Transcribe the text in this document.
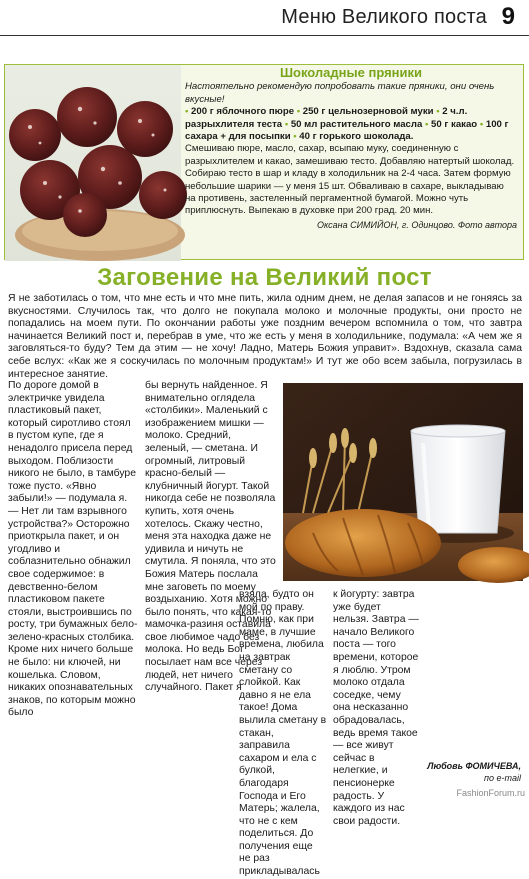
Меню Великого поста 9
Шоколадные пряники

Настоятельно рекомендую попробовать такие пряники, они очень вкусные!

• 200 г яблочного пюре • 250 г цельнозерновой муки • 2 ч.л. разрыхлителя теста • 50 мл растительного масла • 50 г какао • 100 г сахара + для посыпки • 40 г горького шоколада.

Смешиваю пюре, масло, сахар, всыпаю муку, соединенную с разрыхлителем и какао, замешиваю тесто. Добавляю натертый шоколад. Собираю тесто в шар и кладу в холодильник на 2-4 часа. Затем формую небольшие шарики — у меня 15 шт. Обваливаю в сахаре, выкладываю на противень, застеленный пергаментной бумагой. Можно чуть приплюснуть. Выпекаю в духовке при 200 град. 20 мин.

Оксана СИМИЙОН, г. Одинцово. Фото автора

Заговение на Великий пост

Я не заботилась о том, что мне есть и что мне пить, жила одним днем, не делая запасов и не гоняясь за вкусностями. Случилось так, что долго не покупала молоко и молочные продукты, они просто не попадались на моем пути. По окончании работы уже поздним вечером вспомнила о том, что завтра начинается Великий пост и, перебрав в уме, что же есть у меня в холодильнике, подумала: «А чем же я заговляться-то буду? Тем да этим — не хочу! Ладно, Матерь Божия управит». Вздохнув, сказала сама себе вслух: «Как же я соскучилась по молочным продуктам!» И тут же обо всем забыла, погрузилась в интересное занятие.

По дороге домой в электричке увидела пластиковый пакет, который сиротливо стоял в пустом купе, где я ненадолго присела перед выходом. Поблизости никого не было, в тамбуре тоже пусто. «Явно забыли!» — подумала я. — Нет ли там взрывного устройства?» Осторожно приоткрыла пакет, и он угодливо и соблазнительно обнажил свое содержимое: в девственно-белом пластиковом пакете стояли, выстроившись по росту, три бумажных бело-зелено-красных столбика. Кроме них ничего больше не было: ни ключей, ни кошелька. Словом, никаких опознавательных знаков, по которым можно было

бы вернуть найденное. Я внимательно оглядела «столбики». Маленький с изображением мишки — молоко. Средний, зеленый, — сметана. И огромный, литровый красно-белый — клубничный йогурт. Такой никогда себе не позволяла купить, хотя очень хотелось. Скажу честно, меня эта находка даже не удивила и ничуть не смутила. Я поняла, что это Божия Матерь послала мне заговеть по моему воздыханию. Хотя можно было понять, что какая-то мамочка-разиня оставила свое любимое чадо без молока. Но ведь Бог посылает нам все через людей, нет ничего случайного. Пакет я

взяла, будто он мой по праву. Помню, как при маме, в лучшие времена, любила на завтрак сметану со слойкой. Как давно я не ела такое! Дома вылила сметану в стакан, заправила сахаром и ела с булкой, благодаря Господа и Его Матерь; жалела, что не с кем поделиться. До получения еще не раз прикладывалась

к йогурту: завтра уже будет нельзя. Завтра — начало Великого поста — того времени, которое я люблю. Утром молоко отдала соседке, чему она несказанно обрадовалась, ведь время такое — все живут сейчас в нелегкие, и пенсионерке радость. У каждого из нас свои радости.

Любовь ФОМИЧЕВА,
по e-mail
FashionForum.ru
